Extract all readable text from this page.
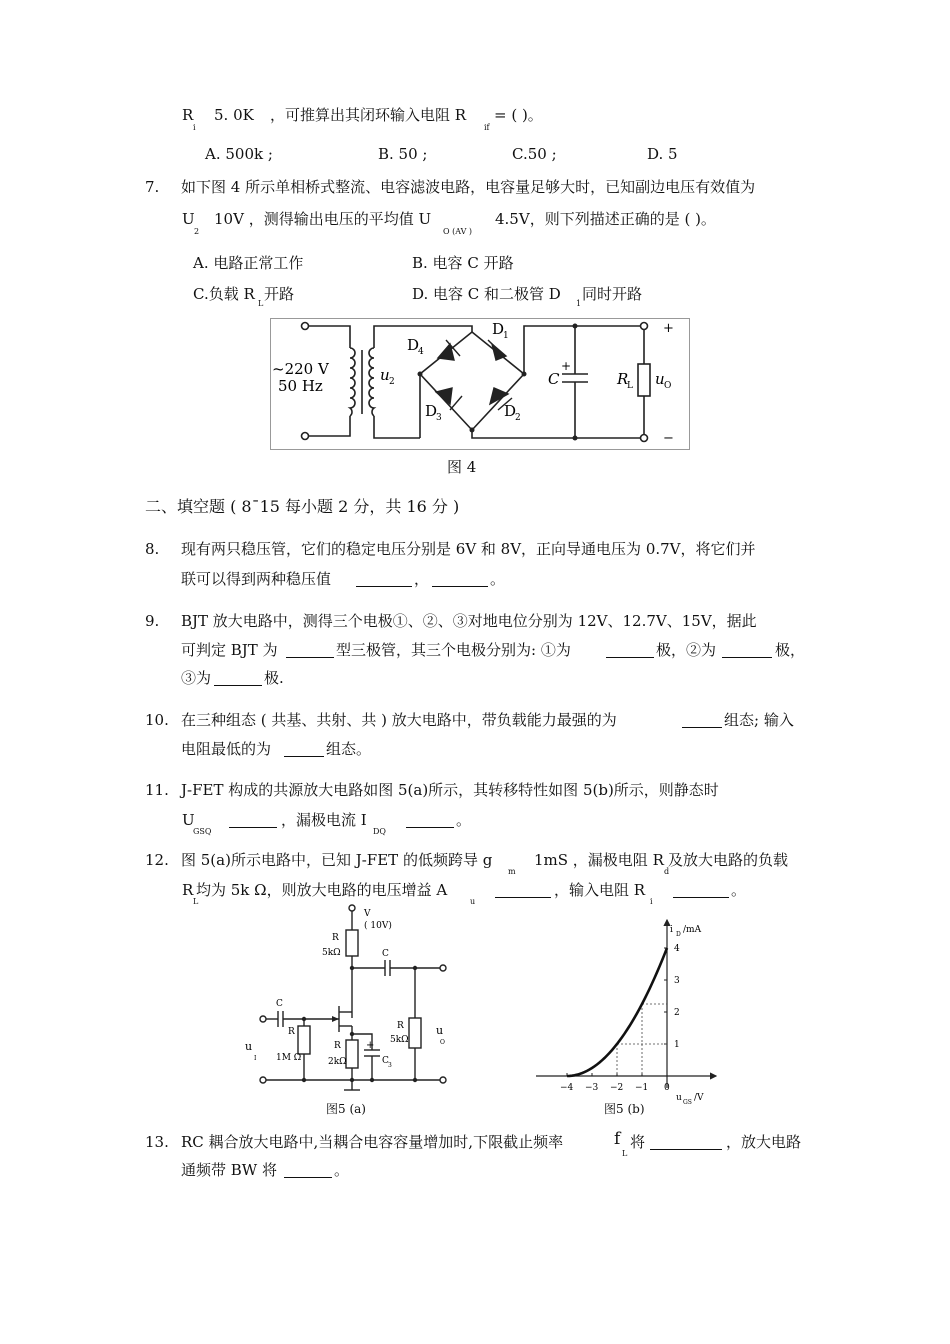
R
i
5. 0K ，可推算出其闭环输入电阻 R
if
= ( )。
A. 500k ;	B. 50 ;	C.50 ;	D. 5
7. 如下图 4 所示单相桥式整流、电容滤波电路，电容量足够大时，已知副边电压有效值为
U
2
10V ，测得输出电压的平均值 U
O (AV )
4.5V，则下列描述正确的是 ( )。
A. 电路正常工作	B. 电容 C 开路
C.负载 R
L
开路	D. 电容 C 和二极管 D
1
同时开路
~220 V
50 Hz
u 2
D
1
D
4
D
3	D
2
C
+
R
L u O
+
−
图 4
二、填空题 ( 8¯15 每小题 2 分，共 16 分 )
8. 现有两只稳压管，它们的稳定电压分别是 6V 和 8V，正向导通电压为 0.7V，将它们并
联可以得到两种稳压值	，	。
9. BJT 放大电路中，测得三个电极①、②、③对地电位分别为 12V、12.7V、15V，据此
可判定 BJT 为	型三极管，其三个电极分别为: ①为	极，②为	极，
③为	极.
10. 在三种组态 ( 共基、共射、共 ) 放大电路中，带负载能力最强的为	组态; 输入
电阻最低的为	组态。
11. J-FET 构成的共源放大电路如图 5(a)所示，其转移特性如图 5(b)所示，则静态时
U
GSQ
，漏极电流 I
DQ
。
12. 图 5(a)所示电路中，已知 J-FET 的低频跨导 g
m
1mS ，漏极电阻 R
d
及放大电路的负载
R
L
均为 5k Ω，则放大电路的电压增益 A
u
，输入电阻 R
i
。
V
( 10V)
R
5kΩ	C
C
R
1M Ω
R
2kΩ
+
C 3
R
5kΩ
u
I
u
O
图5 (a)
1
2
3
4
−4 −3 −2 −1 0
i D /mA
u GS /V
图5 (b)
13. RC 耦合放大电路中,当耦合电容容量增加时,下限截止频率	f
L
将	，放大电路
通频带 BW 将	。
